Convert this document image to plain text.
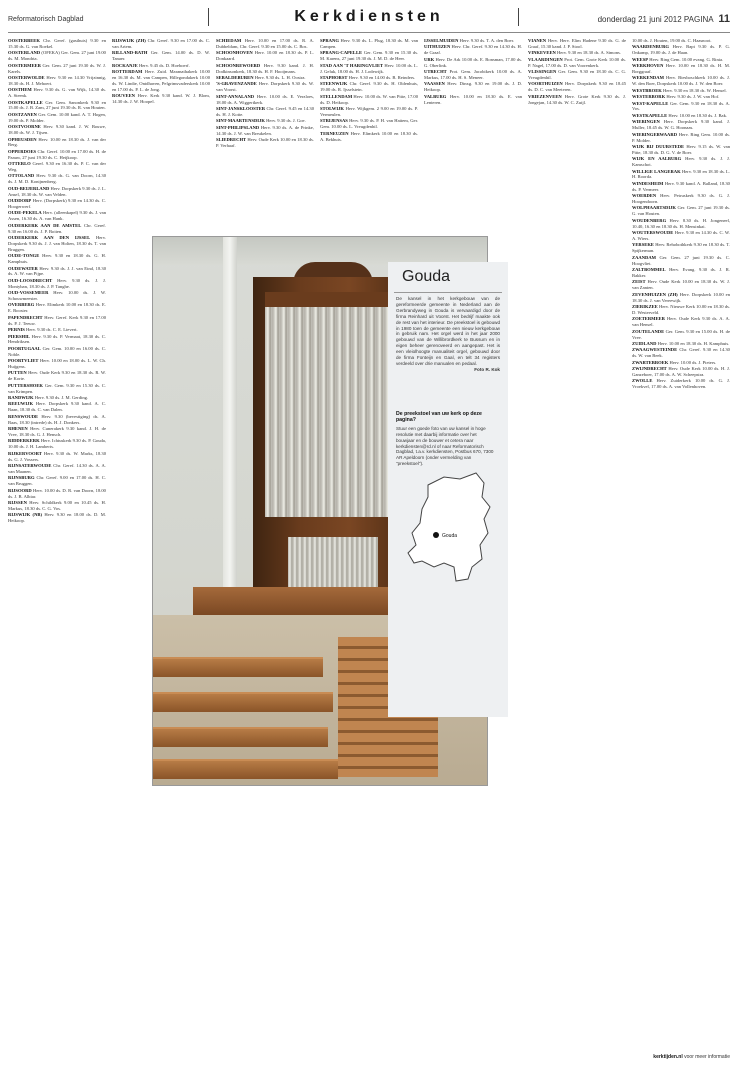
Reformatorisch Dagblad	Kerkdiensten	donderdag 21 juni 2012 PAGINA 11

OOSTERBEEK Chr. Geref. (gasthuis) 9.30 en 15.30 ds. G. van Roekel.

OOSTERLAND (OFEKA) Ger. Gem. 27 juni 19.00 ds. M. Mondria.

OOSTERMEER Ger. Gem. 27 juni 19.30 ds. W. J. Karels.

OOSTERWOLDE Herv. 9.30 en 14.30 Vrijzinnig, 18.30 ds. H. J. Mehoert.

OOSTHEM Herv. 9.30 ds. G. van Wijk, 14.30 ds. A. Steenk.

OOSTKAPELLE Ger. Gem. Sanonkerk 9.30 en 15.00 ds. J. B. Zam, 27 juni 19.30 ds. R. van Houten.

OOSTZANEN Ger. Gem. 10.00 kand. A. T. Hogen, 19.00 ds. P. Molder.

OOSTVOORNE Herv. 9.30 kand. J. W. Bouwe, 18.00 ds. W. J. Tijsen.

OPHEUSDEN Herv. 10.00 en 18.30 ds. J. van der Berg.

OPPERDOES Chr. Geref. 10.00 en 17.00 ds. H. de Paauw, 27 juni 19.30 ds. C. Heijkoop.

OTTERLO Geref. 9.30 en 16.30 ds. P. C. van der Weg.

OTTOLAND Herv. 9.30 ds. G. van Doorn, 14.30 ds. J. M. D. Konijnenberg.

OUD-BEIJERLAND Herv. Dorpskerk 9.30 ds. J. L. Ansel, 18.30 ds. W. van Velden.

OUDDORP Herv. (Dorpskerk) 9.30 en 14.30 ds. C. Hoogerwerf.

OUDE-PEKELA Herv. (alleenkapel) 9.30 ds. J. van Assen, 16.30 ds. A. van Hank.

OUDERKERK AAN DE AMSTEL Chr. Geref. 9.30 en 16.00 ds. J. P. Boiten.

OUDERKERK AAN DEN IJSSEL Herv. Dorpskerk 9.30 ds. J. J. van Holten, 18.30 ds. T. van Bruggen.

OUDE-TONGE Herv. 9.30 en 18.30 ds. G. H. Kamphuis.

OUDEWATER Herv. 9.30 ds. J. J. van Eind, 18.30 ds. A. W. van Pijpe.

OUD-LOOSDRECHT Herv. 9.30 ds. J. J. Montyban, 18.30 ds. J. P. Tanghe.

OUD-VOSSEMEER Herv. 10.00 ds. J. W. Schouwmeester.

OVERBERG Herv. Elimkerk 10.00 en 18.30 ds. E. E. Booster.

PAPENDRECHT Herv. Geref. Kerk 9.30 en 17.00 ds. P. J. Teeuw.

PERNIS Herv. 9.30 ds. C. E. Lievert.

PIERSHIL Herv. 9.30 ds. P. Vermaat, 18.30 ds. C. Hendriksen.

POORTUGAAL Ger. Gem. 10.00 en 16.00 ds. C. Noble.

POORTVLIET Herv. 10.00 en 18.00 ds. L. W. Ch. Huijgens.

PUTTEN Herv. Oude Kerk 9.30 en 18.30 ds. R. W. de Korte.

PUTTERSHOEK Ger. Gem. 9.30 en 15.30 ds. C. van Krimpen.

RANDWIJK Herv. 9.30 ds. J. M. Gerding.

REEUWIJK Herv. Dorpskerk 9.30 kand. A. C. Baan, 18.30 ds. C. van Dalen.

RENSWOUDE Herv. 9.30 (bevestiging) ds. A. Baas, 18.30 (intrede) ds. H. J. Donkers.

RHENEN Herv. Cunerakerk 9.30 kand. J. H. de Vree, 18.30 ds. G. J. Hensch.

RIDDERKERK Herv. Ichtuskerk 9.30 ds. P. Gouda, 10.00 ds. J. H. Lamberts.

RIJKERVOORT Herv. 9.30 ds. W. Marks, 18.30 ds. G. J. Vossers.

RIJNSATERWOUDE Chr. Geref. 14.30 ds. A. A. van Maanen.

RIJNSBURG Chr. Geref. 9.00 en 17.00 ds. H. C. van Bruggen.

RIJSOORD Herv. 10.00 ds. D. R. van Doorn, 18.00 ds. J. B. Albiar.

RIJSSEN Herv. Schildkerk 9.00 en 10.45 ds. H. Markus, 18.30 ds. C. G. Vos.

RIJSWIJK (NB) Herv. 9.30 en 18.00 ds. D. M. Heikoop.

RIJSWIJK (ZH) Chr. Geref. 9.30 en 17.00 ds. C. van Artem.

RILLAND-BATH Ger. Gem. 14.00 ds. D. W. Tanaer.

ROCKANJE Herv. 9.45 ds. D. Hoeboerf.

ROTTERDAM Herv. Zuid. Maranathakerk 10.00 en 16.30 ds. M. van Campen, Hillegondakerk 10.00 ds. W. Lindie, Ontdhaven, Pelgrimsvaderskerk 10.00 en 17.00 ds. P. L. de Jong.

ROUVEEN Herv. Kerk 9.30 kand. W. J. Blom, 14.30 ds. J. W. Hoopel.

SCHIEDAM Herv. 10.00 en 17.00 ds. R. A. Dubbeldam, Chr. Geref. 9.30 en 15.00 ds. C. Bos.

SCHOONHOVEN Herv. 10.00 en 18.30 ds. P. L. Donkaard.

SCHOONREWOERD Herv. 9.30 kand. J. H. Dodkinsonkerk, 18.30 ds. H. F. Hooijmans.

SEBALDEBUREN Herv. 9.30 ds. L. H. Oostra.

'S-GRAVENZANDE Herv. Dorpskerk 9.30 ds. W. van Voorst.

SINT-ANNALAND Herv. 10.00 ds. E. Verzloes, 18.00 ds. A. Wiggertkerk.

SINT-JANSKLOOSTER Chr. Geref. 9.45 en 14.30 ds. H. J. Kotte.

SINT-MAARTENSDIJK Herv. 9.30 ds. J. Goe.

SINT-PHILIPSLAND Herv. 9.30 ds. A. de Prinke, 14.30 ds. J. W. van Breukelen.

SLIEDRECHT Herv. Oude Kerk 10.00 en 18.30 ds. P. Verhaaf.

SPRANG Herv. 9.30 ds. L. Plug, 18.30 ds. M. van Campen.

SPRANG-CAPELLE Ger. Gem. 9.30 en 15.30 ds. M. Karens, 27 juni 19.30 ds. J. M. D. de Heer.

STAD AAN 'T HARINGVLIET Herv. 10.00 ds. L. J. Geluk, 18.00 ds. H. J. Lodewijk.

STAPHORST Herv. 9.30 en 14.00 ds. B. Reinders.

STEENWIJK Chr. Geref. 9.30 ds. H. Oldenhuis, 19.00 ds. R. Ijsselstein.

STELLENDAM Herv. 10.00 ds. W. van Pitte, 17.00 ds. D. Heikoop.

STOLWIJK Herv. Wijkgem. 2 9.00 en 19.00 ds. P. Vermeulen.

STRIJENSAS Herv. 9.30 ds. P. H. van Hattem, Ger. Gem. 10.00 ds. L. Vreugdenhil.

TERNEUZEN Herv. Elimkerk 10.00 en 18.30 ds. A. Bekhuis.

IJSSELMUIDEN Herv. 9.30 ds. T. A. den Boer.

UITHUIZEN Herv. Chr. Geref. 9.30 en 14.30 ds. H. de Graaf.

URK Herv. De Ark 10.00 ds. E. Bonsman, 17.00 ds. G. Oberlink.

UTRECHT Prot. Gem. Jacobikerk 10.00 ds. A. Markus, 17.00 ds. H. S. Meneer.

VAASSEN Herv. Dinxg. 9.30 en 19.00 ds. J. D. Heikoop.

VALBURG Herv. 10.00 en 18.30 ds. E. van Lenteren.

VIANEN Herv. Herv. Elim Hadene 9.30 ds. G. de Graaf, 15.30 kand. J. P. Stool.

VINKEVEEN Herv. 9.30 en 18.30 ds. A. Simons.

VLAARDINGEN Prot. Gem. Grote Kerk 10.00 ds. P. Nagel, 17.00 ds. D. van Voorenkerk.

VLISSINGEN Ger. Gem. 9.30 en 18.30 ds. C. G. Vreugdenhil.

VOORTHUIZEN Herv. Dorpskerk 9.30 en 18.45 ds. D. C. van Meeteren.

VRIEZENVEEN Herv. Grote Kerk 9.30 ds. J. Jongejan, 14.30 ds. W. C. Zuijl.

10.00 ds. J. Houten, 19.00 ds. C. Haasnoot.

WAARDENBURG Herv. Bapt 9.30 ds. P. G. Onkamp, 19.00 ds. J. de Haan.

WEESP Herv. Ring Gem. 10.00 evang. G. Rinia.

WERKHOVEN Herv. 10.00 en 18.30 ds. H. M. Borggraaf.

WERKENDAM Herv. Biesboschkerk 10.00 ds. J. W. den Boer, Dorpskerk 10.00 ds. J. W. den Boer.

WESTBROEK Herv. 9.30 en 18.30 ds. W. Hensel.

WESTERBORK Herv. 9.30 ds. J. W. van Hof.

WEST-KAPELLE Ger. Gem. 9.30 en 18.30 ds. A. Vos.

WESTKAPELLE Herv. 10.00 en 18.30 ds. J. Bak.

WIERINGEN Herv. Dorpskerk 9.30 kand. J. Muller, 18.45 ds. W. G. Hoonaas.

WIERINGERWAARD Herv. Ring Gem. 10.00 ds. P. Molder.

WIJK BIJ DUURSTEDE Herv. 9.15 ds. W. van Pitte, 18.30 ds. D. G. V. de Boer.

WIJK EN AALBURG Herv. 9.30 ds. J. J. Kamschot.

WILLIGE LANGERAK Herv. 9.30 en 18.30 ds. L. H. Roorda.

WINDESHEIM Herv. 9.30 kand. A. Balland, 18.30 ds. P. Vermeer.

WOERDEN Herv. Petruskerk 9.30 ds. G. J. Hoogendoorn.

WOLPHAARTSDIJK Ger. Gem. 27 juni 19.30 ds. G. van Houten.

WOUDENBERG Herv. 8.30 ds. H. Jongeneel, 10.40, 16.30 en 18.30 ds. H. Mensinkai.

WOUTERSWOUDE Herv. 9.30 en 14.30 ds. C. W. A. Wiers.

YERSEKE Herv. Rehobothkerk 9.30 en 18.30 ds. T. Spijkerman.

ZAANDAM Ger. Gem. 27 juni 19.30 ds. C. Hoogvliet.

ZALTBOMMEL Herv. Evang. 9.30 ds. J. R. Bakker.

ZEIST Herv. Oude Kerk 10.00 en 18.30 ds. W. J. van Zanten.

ZEVENHUIZEN (ZH) Herv. Dorpskerk 10.00 en 18.30 ds. J. van Vereewijk.

ZIERIKZEE Herv. Nieuwe Kerk 10.00 en 18.30 ds. D. Westerveld.

ZOETERMEER Herv. Oude Kerk 9.30 ds. A. A. van Hensel.

ZOUTELANDE Ger. Gem. 9.30 en 15.00 ds. H. de Vree.

ZUIDLAND Herv. 10.00 en 18.30 ds. H. Kamphuis.

ZWAAGWESTEINDE Chr. Geref. 9.30 en 14.30 ds. W. van Beek.

ZWARTEBROEK Herv. 10.00 ds. J. Pieters.

ZWIJNDRECHT Herv. Oude Kerk 10.00 ds. H. J. Ganzeboer, 17.00 ds. A. W. Scheepstra.

ZWOLLE Herv. Zuiderkerk 10.00 ds. G. J. Vroekvel, 17.00 ds. A. van Vollenhoven.

Gouda
De kansel in het kerkgebouw van de gereformeerde gemeente in Nederland aan de Gerbrandyweg in Gouda is vervaardigd door de firma Reinhard uit Voorst. Het bedrijf maakte ook de rest van het interieur. De preekstoel is gebouwd in 1980 toen de gemeente een nieuw kerkgebouw in gebruik nam. Het orgel werd in het jaar 2000 gebouwd van de Willibrordkerk te Bussum en in eigen beheer gerenoveerd en aangepast. Het is een vleiolhoogte manualiteit orgel, gebouwd door de firma Fonteijn en Gaal, en telt 34 registers verdeeld over drie manualen en pedaal.
Foto R. Kok
De preekstoel van uw kerk op deze pagina?
Stuur een goede foto van uw kansel in hoge resolutie met daarbij informatie over het bouwjaar en de bouwer et cetera naar kerkdiensten@rd.nl of naar Reformatorisch Dagblad, t.a.v. kerkdiensten, Postbus 670, 7300 AR Apeldoorn (onder vermelding van "preekstoel").
Gouda
kerktijden.nl voor meer informatie
